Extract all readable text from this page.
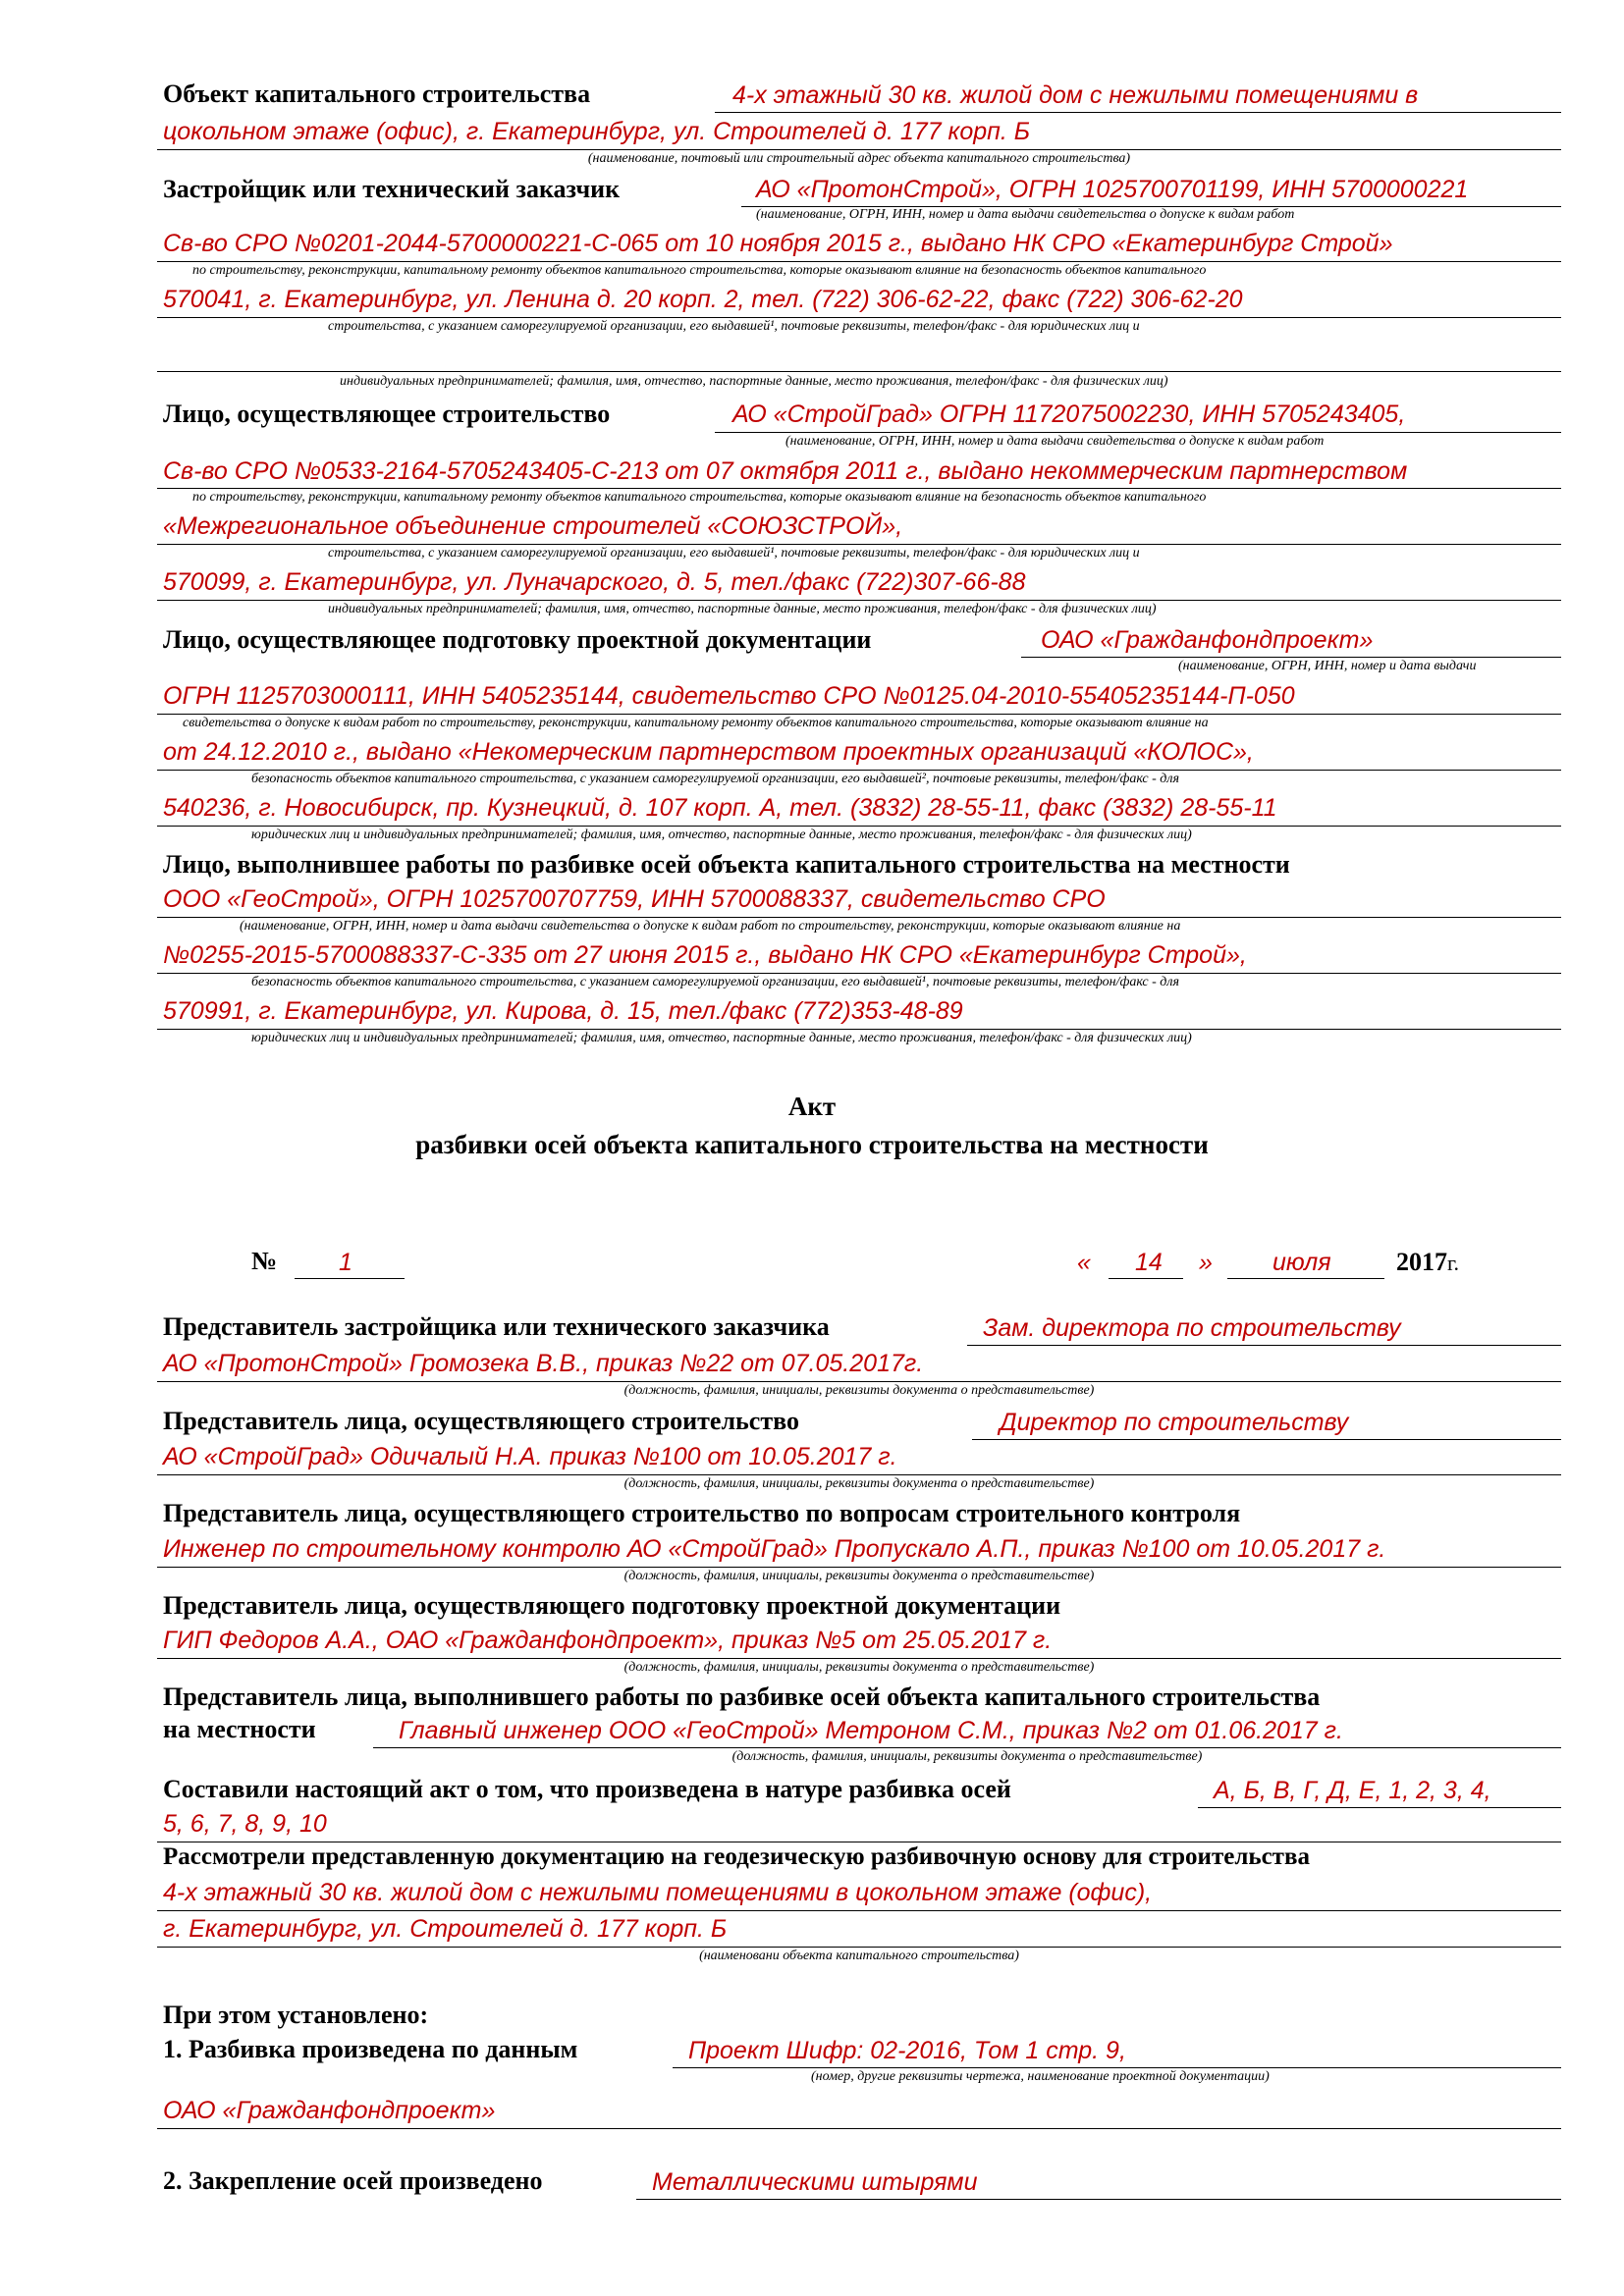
Объект капитального строительства	4-х этажный 30 кв. жилой дом с нежилыми помещениями в
цокольном этаже (офис), г. Екатеринбург, ул. Строителей д. 177 корп. Б
(наименование, почтовый или строительный адрес объекта капитального строительства)
Застройщик или технический заказчик	АО «ПротонСтрой», ОГРН 1025700701199, ИНН 5700000221
(наименование, ОГРН, ИНН, номер и дата выдачи свидетельства о допуске к видам работ
Св-во СРО №0201-2044-5700000221-С-065 от 10 ноября 2015 г., выдано НК СРО «Екатеринбург Строй»
по строительству, реконструкции, капитальному ремонту объектов капитального строительства, которые оказывают влияние на безопасность объектов капитального
570041, г. Екатеринбург, ул. Ленина д. 20 корп. 2, тел. (722) 306-62-22, факс (722) 306-62-20
строительства, с указанием саморегулируемой организации, его выдавшей¹, почтовые реквизиты, телефон/факс - для юридических лиц и
индивидуальных предпринимателей; фамилия, имя, отчество, паспортные данные, место проживания, телефон/факс - для физических лиц)
Лицо, осуществляющее строительство	АО «СтройГрад» ОГРН 1172075002230, ИНН 5705243405,
(наименование, ОГРН, ИНН, номер и дата выдачи свидетельства о допуске к видам работ
Св-во СРО №0533-2164-5705243405-С-213 от 07 октября 2011 г., выдано некоммерческим партнерством
по строительству, реконструкции, капитальному ремонту объектов капитального строительства, которые оказывают влияние на безопасность объектов капитального
«Межрегиональное объединение строителей «СОЮЗСТРОЙ»,
строительства, с указанием саморегулируемой организации, его выдавшей¹, почтовые реквизиты, телефон/факс - для юридических лиц и
570099, г. Екатеринбург, ул. Луначарского, д. 5, тел./факс (722)307-66-88
индивидуальных предпринимателей; фамилия, имя, отчество, паспортные данные, место проживания, телефон/факс - для физических лиц)
Лицо, осуществляющее подготовку проектной документации	ОАО «Гражданфондпроект»
(наименование, ОГРН, ИНН, номер и дата выдачи
ОГРН 1125703000111, ИНН 5405235144, свидетельство СРО №0125.04-2010-55405235144-П-050
свидетельства о допуске к видам работ по строительству, реконструкции, капитальному ремонту объектов капитального строительства, которые оказывают влияние на
от 24.12.2010 г., выдано «Некомерческим партнерством проектных организаций «КОЛОС»,
безопасность объектов капитального строительства, с указанием саморегулируемой организации, его выдавшей², почтовые реквизиты, телефон/факс - для
540236, г. Новосибирск, пр. Кузнецкий, д. 107 корп. А, тел. (3832) 28-55-11, факс (3832) 28-55-11
юридических лиц и индивидуальных предпринимателей; фамилия, имя, отчество, паспортные данные, место проживания, телефон/факс - для физических лиц)
Лицо, выполнившее работы по разбивке осей объекта капитального строительства на местности
ООО «ГеоСтрой», ОГРН 1025700707759, ИНН 5700088337, свидетельство СРО
(наименование, ОГРН, ИНН, номер и дата выдачи свидетельства о допуске к видам работ по строительству, реконструкции, которые оказывают влияние на
№0255-2015-5700088337-С-335 от 27 июня 2015 г., выдано НК СРО «Екатеринбург Строй»,
безопасность объектов капитального строительства, с указанием саморегулируемой организации, его выдавшей¹, почтовые реквизиты, телефон/факс - для
570991, г. Екатеринбург, ул. Кирова, д. 15, тел./факс (772)353-48-89
юридических лиц и индивидуальных предпринимателей; фамилия, имя, отчество, паспортные данные, место проживания, телефон/факс - для физических лиц)
Акт
разбивки осей объекта капитального строительства на местности
№	1	« 14 » июля	2017г.
Представитель застройщика или технического заказчика	Зам. директора по строительству
АО «ПротонСтрой» Громозека В.В., приказ №22 от 07.05.2017г.
(должность, фамилия, инициалы, реквизиты документа о представительстве)
Представитель лица, осуществляющего строительство	Директор по строительству
АО «СтройГрад» Одичалый Н.А. приказ №100 от 10.05.2017 г.
(должность, фамилия, инициалы, реквизиты документа о представительстве)
Представитель лица, осуществляющего строительство по вопросам строительного контроля
Инженер по строительному контролю АО «СтройГрад» Пропускало А.П., приказ №100 от 10.05.2017 г.
(должность, фамилия, инициалы, реквизиты документа о представительстве)
Представитель лица, осуществляющего подготовку проектной документации
ГИП Федоров А.А., ОАО «Гражданфондпроект», приказ №5 от 25.05.2017 г.
(должность, фамилия, инициалы, реквизиты документа о представительстве)
Представитель лица, выполнившего работы по разбивке осей объекта капитального строительства
на местности	Главный инженер ООО «ГеоСтрой» Метроном С.М., приказ №2 от 01.06.2017 г.
(должность, фамилия, инициалы, реквизиты документа о представительстве)
Составили настоящий акт о том, что произведена в натуре разбивка осей	А, Б, В, Г, Д, Е, 1, 2, 3, 4,
5, 6, 7, 8, 9, 10
Рассмотрели представленную документацию на геодезическую разбивочную основу для строительства
4-х этажный 30 кв. жилой дом с нежилыми помещениями в цокольном этаже (офис),
г. Екатеринбург, ул. Строителей д. 177 корп. Б
(наименовани объекта капитального строительства)
При этом установлено:
1. Разбивка произведена по данным	Проект Шифр: 02-2016, Том 1 стр. 9,
(номер, другие реквизиты чертежа, наименование проектной документации)
ОАО «Гражданфондпроект»
2. Закрепление осей произведено	Металлическими штырями
